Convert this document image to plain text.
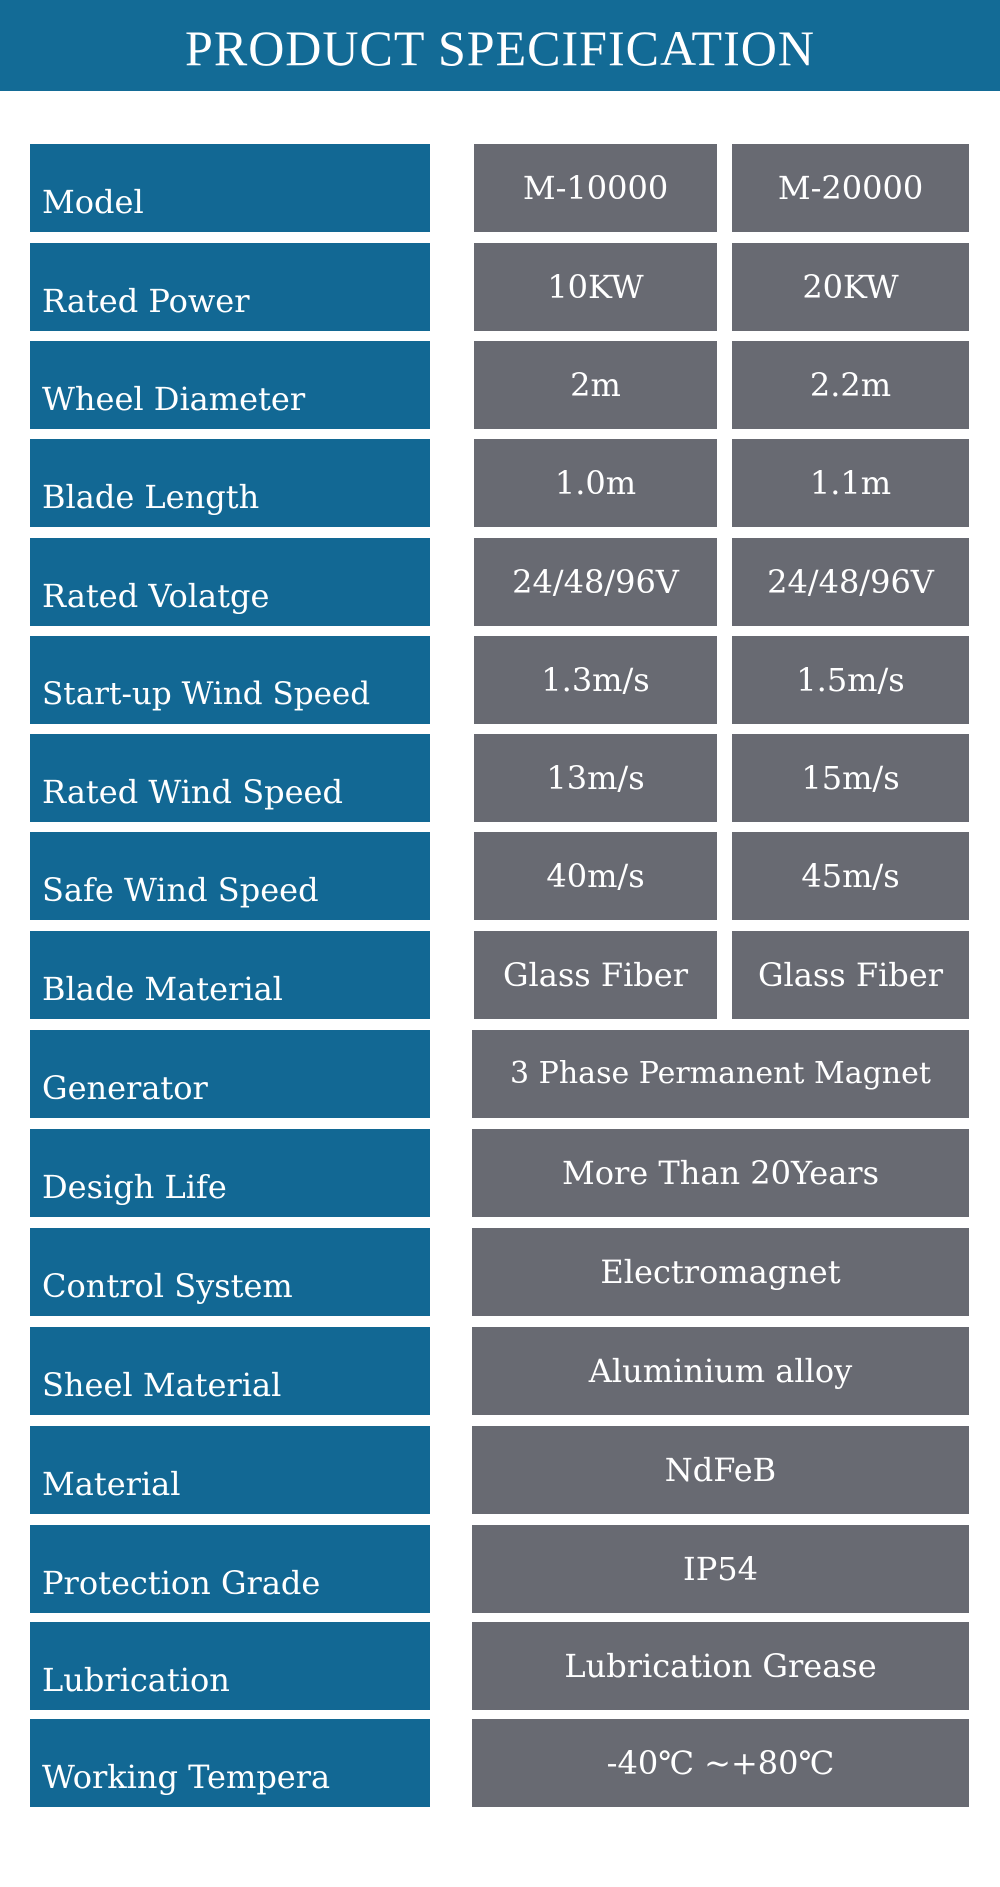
PRODUCT SPECIFICATION
Model	M-10000	M-20000
Rated Power	10KW	20KW
Wheel Diameter	2m	2.2m
Blade Length	1.0m	1.1m
Rated Volatge	24/48/96V	24/48/96V
Start-up Wind Speed	1.3m/s	1.5m/s
Rated Wind Speed	13m/s	15m/s
Safe Wind Speed	40m/s	45m/s
Blade Material	Glass Fiber	Glass Fiber
Generator	3 Phase Permanent Magnet
Desigh Life	More Than 20Years
Control System	Electromagnet
Sheel Material	Aluminium alloy
Material	NdFeB
Protection Grade	IP54
Lubrication	Lubrication Grease
Working Tempera	-40℃ ~+80℃
